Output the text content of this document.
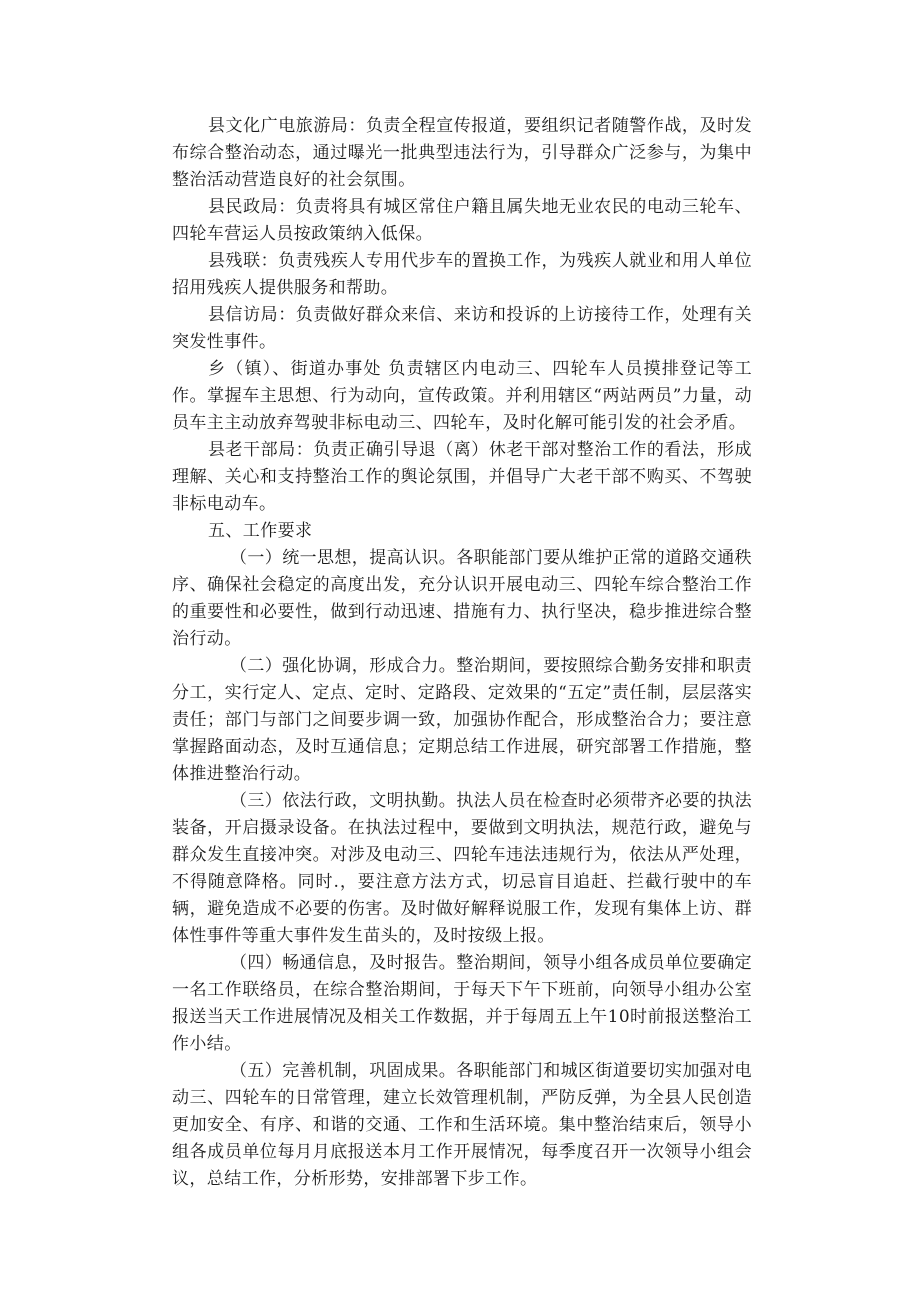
县文化广电旅游局：负责全程宣传报道，要组织记者随警作战，及时发布综合整治动态，通过曝光一批典型违法行为，引导群众广泛参与，为集中整治活动营造良好的社会氛围。

县民政局：负责将具有城区常住户籍且属失地无业农民的电动三轮车、四轮车营运人员按政策纳入低保。

县残联：负责残疾人专用代步车的置换工作，为残疾人就业和用人单位招用残疾人提供服务和帮助。

县信访局：负责做好群众来信、来访和投诉的上访接待工作，处理有关突发性事件。

乡（镇）、街道办事处 负责辖区内电动三、四轮车人员摸排登记等工作。掌握车主思想、行为动向，宣传政策。并利用辖区“两站两员”力量，动员车主主动放弃驾驶非标电动三、四轮车，及时化解可能引发的社会矛盾。

县老干部局：负责正确引导退（离）休老干部对整治工作的看法，形成理解、关心和支持整治工作的舆论氛围，并倡导广大老干部不购买、不驾驶非标电动车。

五、工作要求

（一）统一思想，提高认识。各职能部门要从维护正常的道路交通秩序、确保社会稳定的高度出发，充分认识开展电动三、四轮车综合整治工作的重要性和必要性，做到行动迅速、措施有力、执行坚决，稳步推进综合整治行动。

（二）强化协调，形成合力。整治期间，要按照综合勤务安排和职责分工，实行定人、定点、定时、定路段、定效果的“五定”责任制，层层落实责任；部门与部门之间要步调一致，加强协作配合，形成整治合力；要注意掌握路面动态，及时互通信息；定期总结工作进展，研究部署工作措施，整体推进整治行动。

（三）依法行政，文明执勤。执法人员在检查时必须带齐必要的执法装备，开启摄录设备。在执法过程中，要做到文明执法，规范行政，避免与群众发生直接冲突。对涉及电动三、四轮车违法违规行为，依法从严处理，不得随意降格。同时.，要注意方法方式，切忌盲目追赶、拦截行驶中的车辆，避免造成不必要的伤害。及时做好解释说服工作，发现有集体上访、群体性事件等重大事件发生苗头的，及时按级上报。

（四）畅通信息，及时报告。整治期间，领导小组各成员单位要确定一名工作联络员，在综合整治期间，于每天下午下班前，向领导小组办公室报送当天工作进展情况及相关工作数据，并于每周五上午10时前报送整治工作小结。

（五）完善机制，巩固成果。各职能部门和城区街道要切实加强对电动三、四轮车的日常管理，建立长效管理机制，严防反弹，为全县人民创造更加安全、有序、和谐的交通、工作和生活环境。集中整治结束后，领导小组各成员单位每月月底报送本月工作开展情况，每季度召开一次领导小组会议，总结工作，分析形势，安排部署下步工作。
